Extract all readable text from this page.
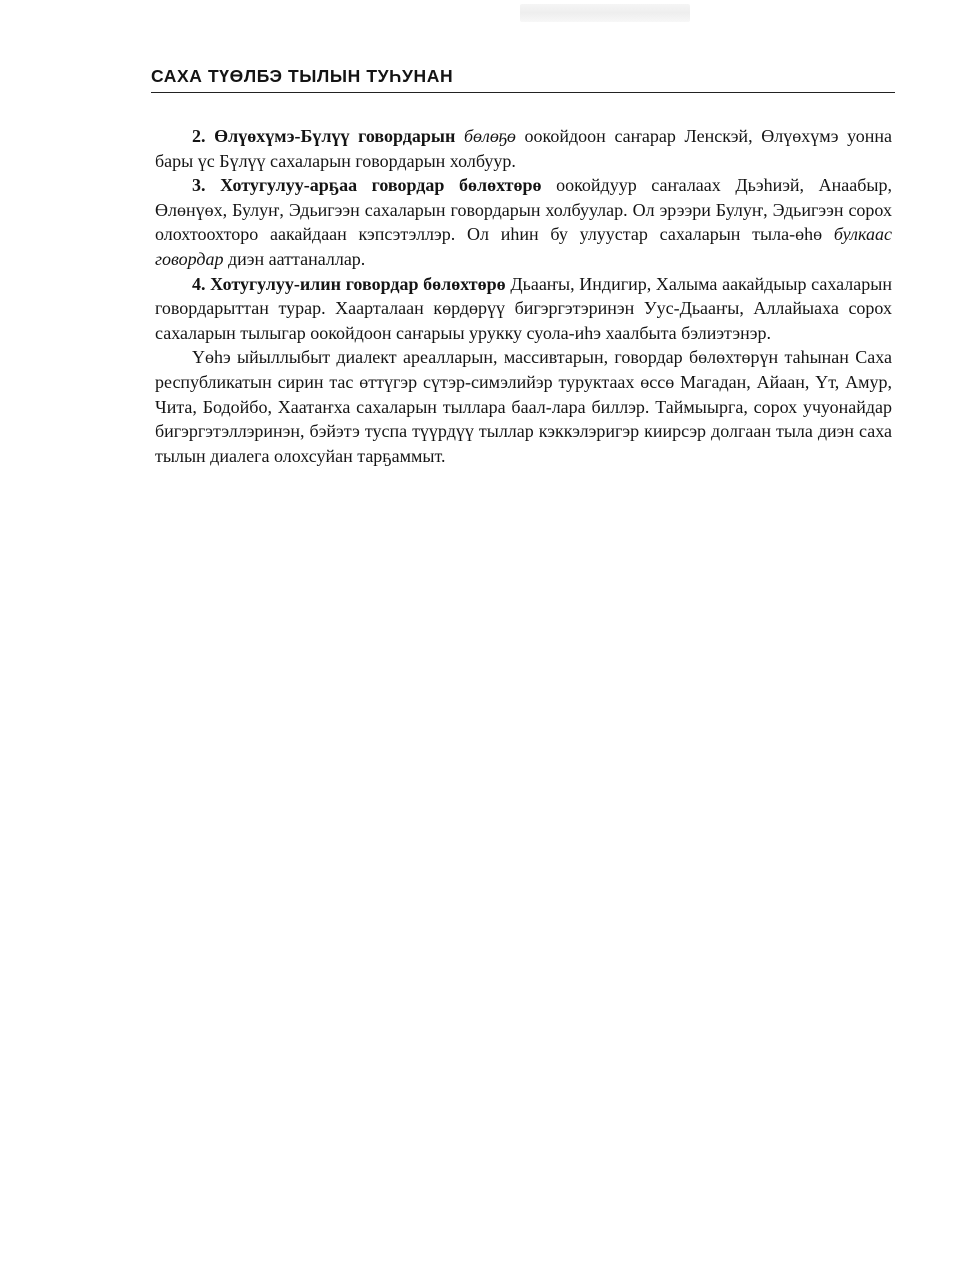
САХА ТҮӨЛБЭ ТЫЛЫН ТУҺУНАН

2. Өлүөхүмэ-Бүлүү говордарын бөлөҕө оокойдоон саҥарар Ленскэй, Өлүөхүмэ уонна бары үс Бүлүү сахаларын говордарын холбуур.

3. Хотугулуу-арҕаа говордар бөлөхтөрө оокойдуур саҥалаах Дьэһиэй, Анаабыр, Өлөнүөх, Булуҥ, Эдьигээн сахаларын говордарын холбуулар. Ол эрээри Булуҥ, Эдьигээн сорох олохтоохторо аакайдаан кэпсэтэллэр. Ол иһин бу улуустар сахаларын тыла-өһө булкаас говордар диэн ааттаналлар.

4. Хотугулуу-илин говордар бөлөхтөрө Дьааҥы, Индигир, Халыма аакайдыыр сахаларын говордарыттан турар. Хаарталаан көрдөрүү бигэргэтэринэн Уус-Дьааҥы, Аллайыаха сорох сахаларын тылыгар оокойдоон саҥарыы урукку суола-иһэ хаалбыта бэлиэтэнэр.

Үөһэ ыйыллыбыт диалект ареалларын, массивтарын, говордар бөлөхтөрүн таһынан Саха республикатын сирин тас өттүгэр сүтэр-симэлийэр туруктаах өссө Магадан, Айаан, Үт, Амур, Чита, Бодойбо, Хаатаҥха сахаларын тыллара баал-лара биллэр. Таймыырга, сорох учуонайдар бигэргэтэллэринэн, бэйэтэ туспа түүрдүү тыллар кэккэлэригэр киирсэр долгаан тыла диэн саха тылын диалега олохсуйан тарҕаммыт.
